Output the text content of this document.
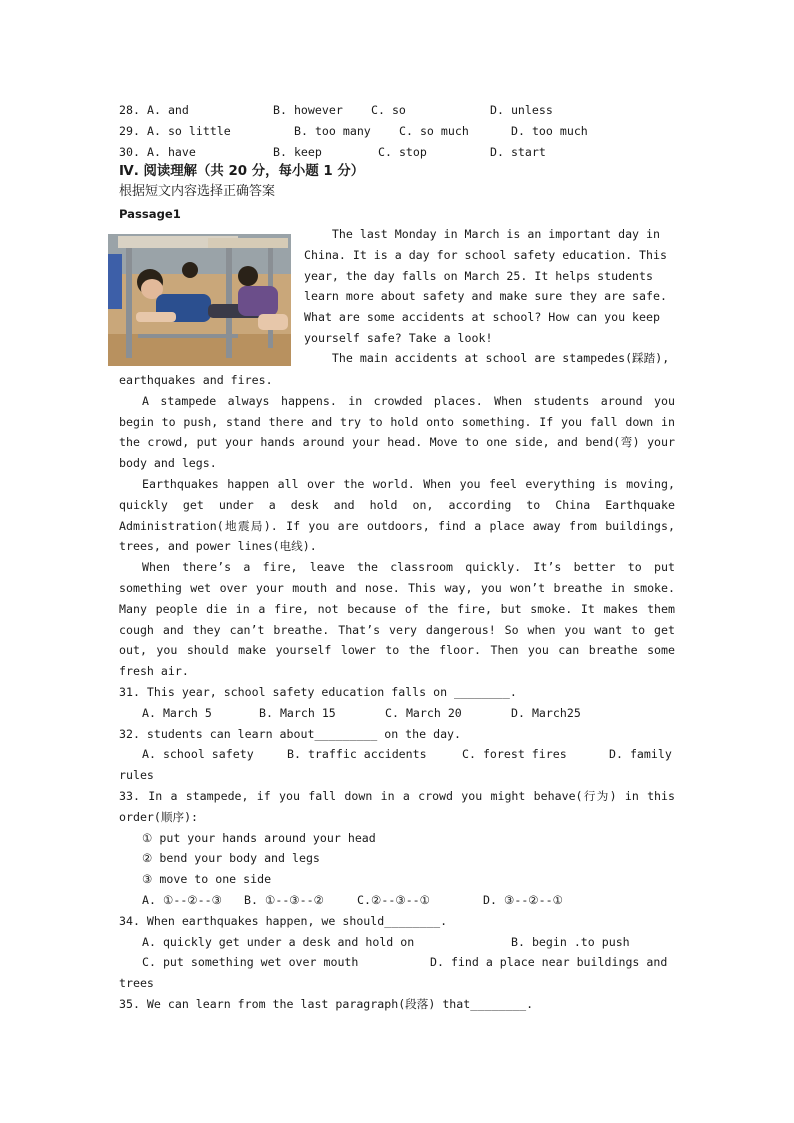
28. A. and	B. however C. so	D. unless
29. A. so little	B. too many C. so much	D. too much
30. A. have	B. keep	C. stop	D. start
Ⅳ. 阅读理解（共 20 分，每小题 1 分）
根据短文内容选择正确答案
Passage1
The last Monday in March is an important day in
China. It is a day for school safety education. This
year, the day falls on March 25. It helps students
learn more about safety and make sure they are safe.
What are some accidents at school? How can you keep
yourself safe? Take a look!
The main accidents at school are stampedes(踩踏),
earthquakes and fires.
A stampede always happens. in crowded places. When students around you
begin to push, stand there and try to hold onto something. If you fall down in
the crowd, put your hands around your head. Move to one side, and bend(弯) your
body and legs.
Earthquakes happen all over the world. When you feel everything is moving,
quickly get under a desk and hold on, according to China Earthquake
Administration(地震局). If you are outdoors, find a place away from buildings,
trees, and power lines(电线).
When there’s a fire, leave the classroom quickly. It’s better to put
something wet over your mouth and nose. This way, you won’t breathe in smoke.
Many people die in a fire, not because of the fire, but smoke. It makes them
cough and they can’t breathe. That’s very dangerous! So when you want to get
out, you should make yourself lower to the floor. Then you can breathe some
fresh air.
31. This year, school safety education falls on ________.
A. March 5	B. March 15	C. March 20	D. March25
32. students can learn about_________ on the day.
A. school safety	B. traffic accidents	C. forest fires	D. family
rules
33. In a stampede, if you fall down in a crowd you might behave(行为) in this
order(顺序):
① put your hands around your head
② bend your body and legs
③ move to one side
A. ①--②--③ B. ①--③--②	C.②--③--①	D. ③--②--①
34. When earthquakes happen, we should________.
A. quickly get under a desk and hold on	B. begin .to push
C. put something wet over mouth	D. find a place near buildings and
trees
35. We can learn from the last paragraph(段落) that________.
